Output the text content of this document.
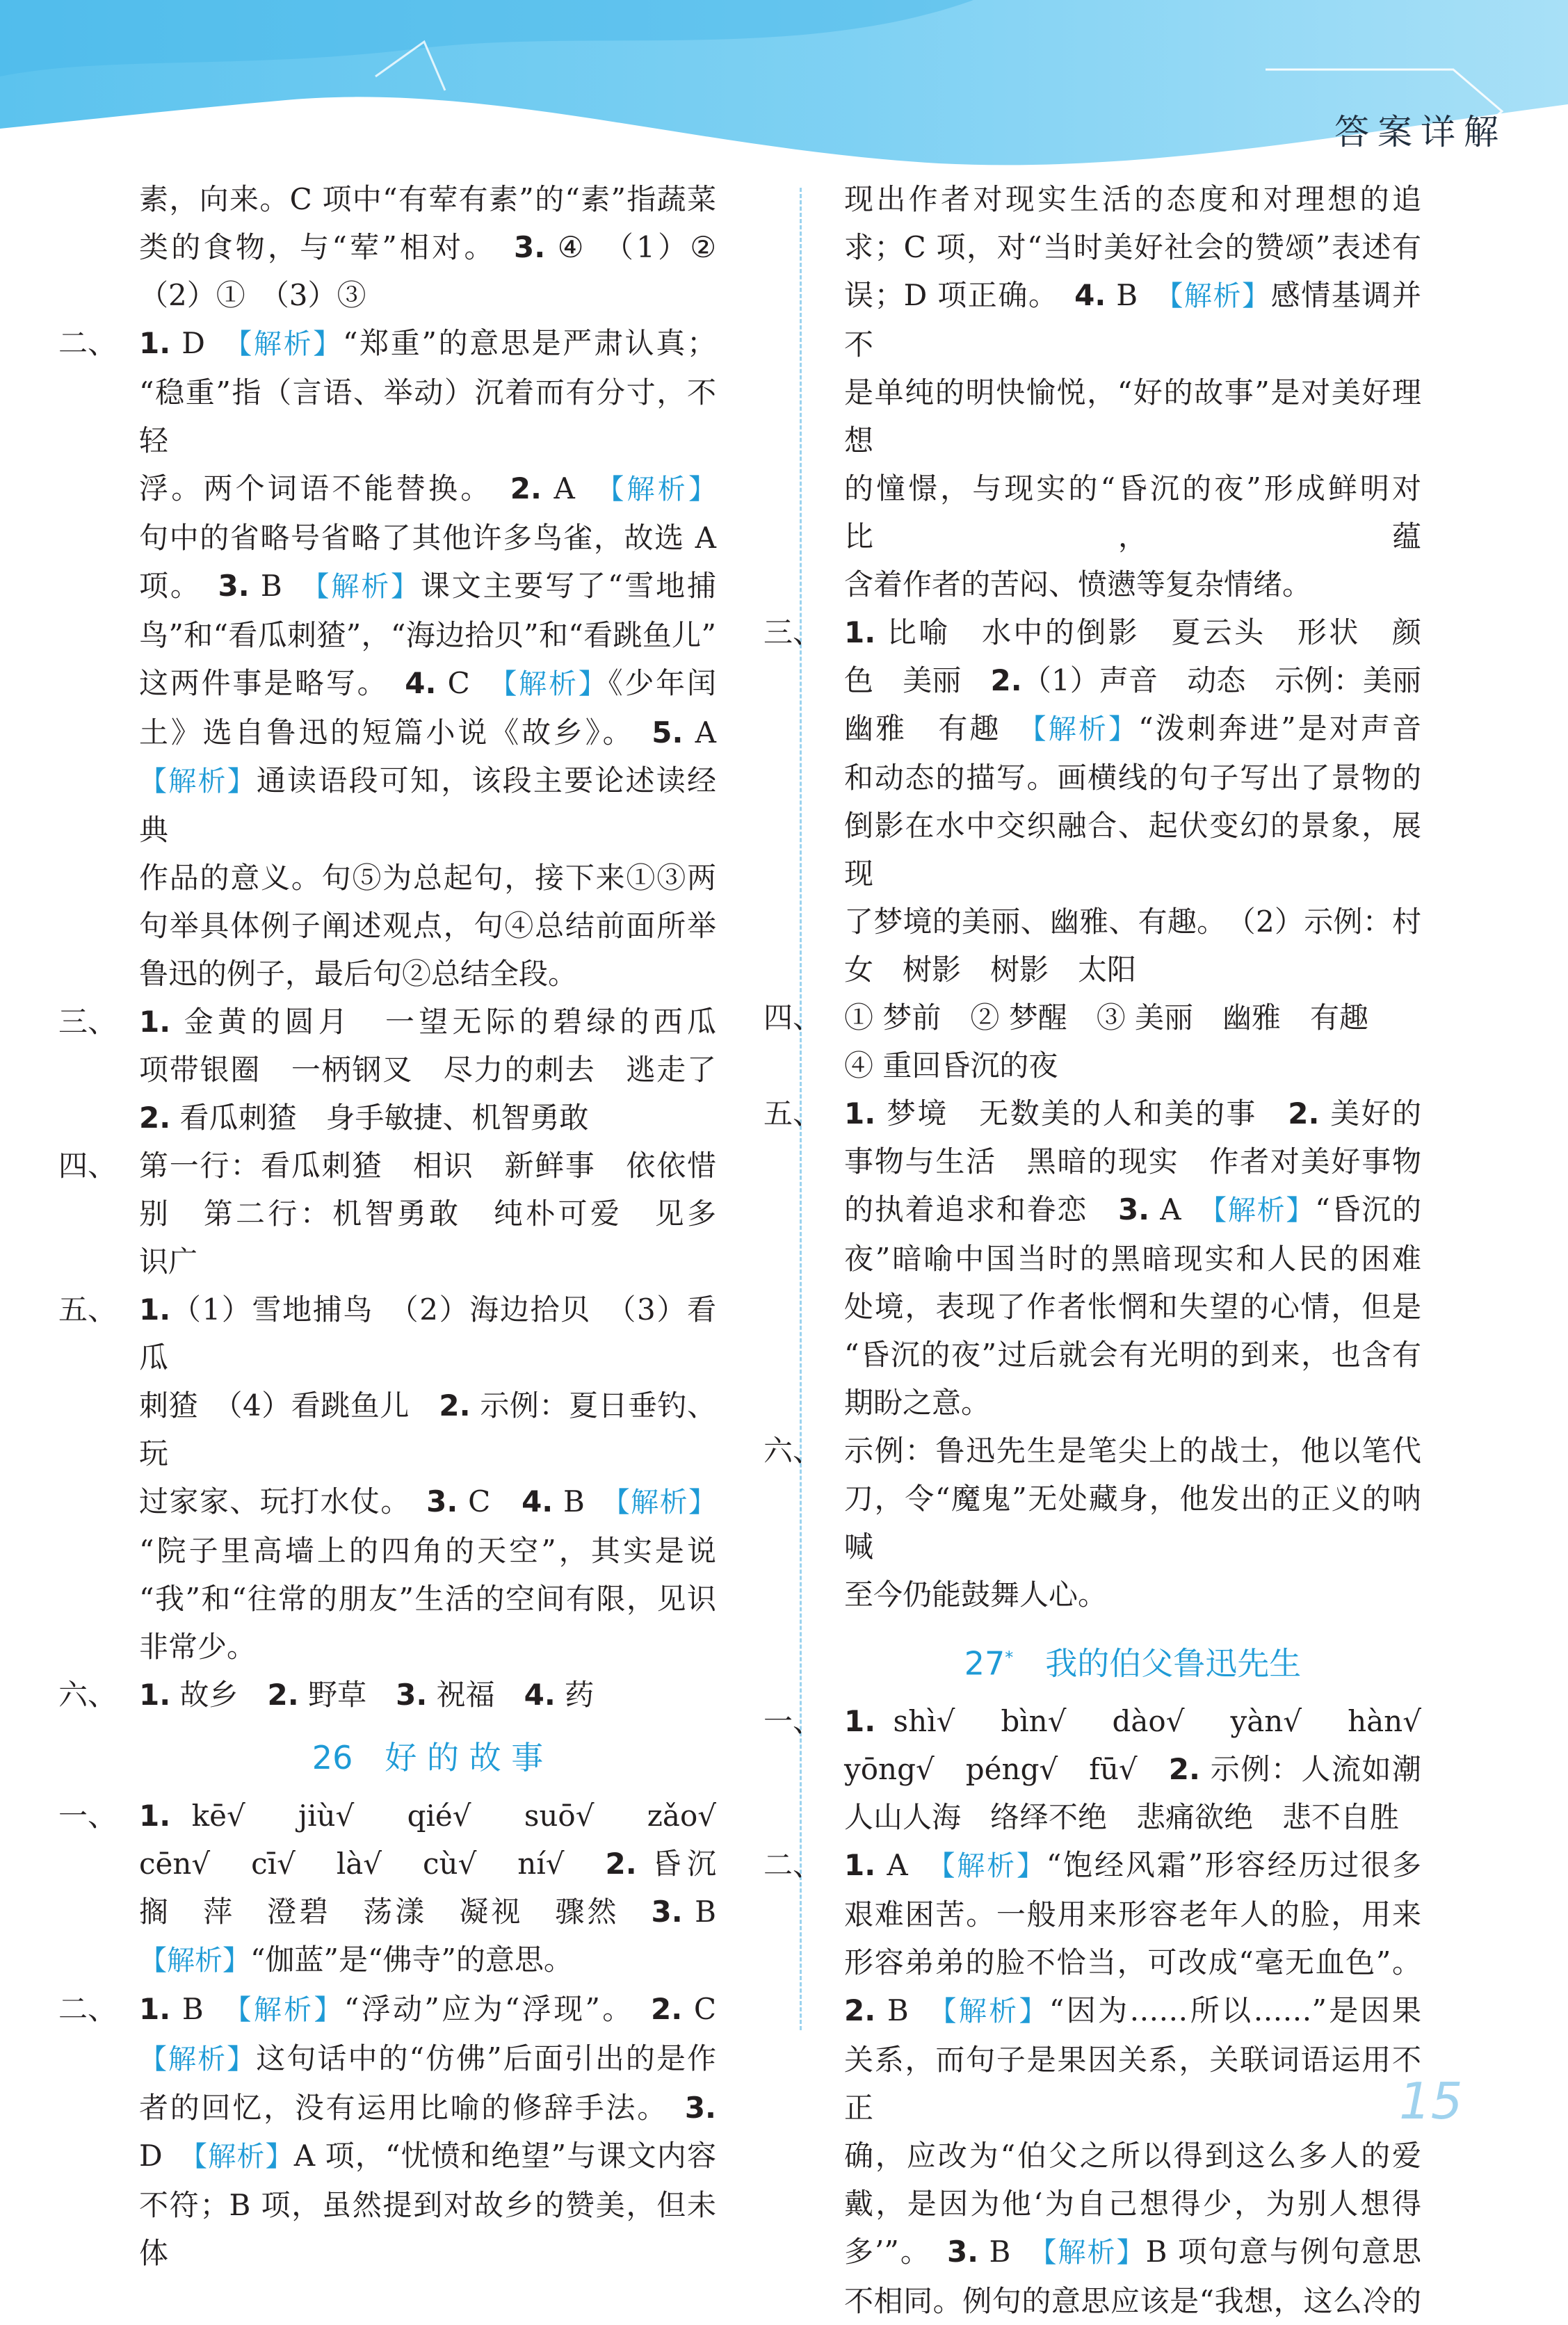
答案详解
素，向来。C 项中“有荤有素”的“素”指蔬菜
类的食物，与“荤”相对。　3. ④　（1）②
（2）①　（3）③
二、 1. D　【解析】“郑重”的意思是严肃认真；
“稳重”指（言语、举动）沉着而有分寸，不轻
浮。两个词语不能替换。　2. A　【解析】
句中的省略号省略了其他许多鸟雀，故选 A
项。　3. B　【解析】课文主要写了“雪地捕
鸟”和“看瓜刺猹”，“海边拾贝”和“看跳鱼儿”
这两件事是略写。　4. C　【解析】《少年闰
土》选自鲁迅的短篇小说《故乡》。　5. A
【解析】通读语段可知，该段主要论述读经典
作品的意义。句⑤为总起句，接下来①③两
句举具体例子阐述观点，句④总结前面所举
鲁迅的例子，最后句②总结全段。
三、 1. 金黄的圆月　一望无际的碧绿的西瓜
项带银圈　一柄钢叉　尽力的刺去　逃走了
2. 看瓜刺猹　身手敏捷、机智勇敢
四、 第一行：看瓜刺猹　相识　新鲜事　依依惜
别　第二行：机智勇敢　纯朴可爱　见多
识广
五、 1.（1）雪地捕鸟　（2）海边拾贝　（3）看瓜
刺猹　（4）看跳鱼儿　2. 示例：夏日垂钓、玩
过家家、玩打水仗。　3. C　4. B　【解析】
“院子里高墙上的四角的天空”，其实是说
“我”和“往常的朋友”生活的空间有限，见识
非常少。
六、 1. 故乡　2. 野草　3. 祝福　4. 药
26　好 的 故 事
一、 1. kē√　jiù√　qié√　suō√　zǎo√
cēn√　cī√　là√　cù√　ní√　2. 昏沉
搁　萍　澄碧　荡漾　凝视　骤然　3. B
【解析】“伽蓝”是“佛寺”的意思。
二、 1. B　【解析】“浮动”应为“浮现”。　2. C
【解析】这句话中的“仿佛”后面引出的是作
者的回忆，没有运用比喻的修辞手法。　3.
D　【解析】A 项，“忧愤和绝望”与课文内容
不符；B 项，虽然提到对故乡的赞美，但未体
现出作者对现实生活的态度和对理想的追
求；C 项，对“当时美好社会的赞颂”表述有
误；D 项正确。　4. B　【解析】感情基调并不
是单纯的明快愉悦，“好的故事”是对美好理想
的憧憬，与现实的“昏沉的夜”形成鲜明对比，蕴
含着作者的苦闷、愤懑等复杂情绪。
三、 1. 比喻　水中的倒影　夏云头　形状　颜
色　美丽　2.（1）声音　动态　示例：美丽
幽雅　有趣　【解析】“泼刺奔进”是对声音
和动态的描写。画横线的句子写出了景物的
倒影在水中交织融合、起伏变幻的景象，展现
了梦境的美丽、幽雅、有趣。　（2）示例：村
女　树影　树影　太阳
四、 ① 梦前　② 梦醒　③ 美丽　幽雅　有趣
④ 重回昏沉的夜
五、 1. 梦境　无数美的人和美的事　2. 美好的
事物与生活　黑暗的现实　作者对美好事物
的执着追求和眷恋　3. A　【解析】“昏沉的
夜”暗喻中国当时的黑暗现实和人民的困难
处境，表现了作者怅惘和失望的心情，但是
“昏沉的夜”过后就会有光明的到来，也含有
期盼之意。
六、 示例：鲁迅先生是笔尖上的战士，他以笔代
刀，令“魔鬼”无处藏身，他发出的正义的呐喊
至今仍能鼓舞人心。
27*　我的伯父鲁迅先生
一、 1. shì√　bìn√　dào√　yàn√　hàn√
yōng√　péng√　fū√　2. 示例：人流如潮
人山人海　络绎不绝　悲痛欲绝　悲不自胜
二、 1. A　【解析】“饱经风霜”形容经历过很多
艰难困苦。一般用来形容老年人的脸，用来
形容弟弟的脸不恰当，可改成“毫无血色”。
2. B　【解析】“因为……所以……”是因果
关系，而句子是果因关系，关联词语运用不正
确，应改为“伯父之所以得到这么多人的爱
戴，是因为他‘为自己想得少，为别人想得
多’”。　3. B　【解析】B 项句意与例句意思
不相同。例句的意思应该是“我想，这么冷的
15
